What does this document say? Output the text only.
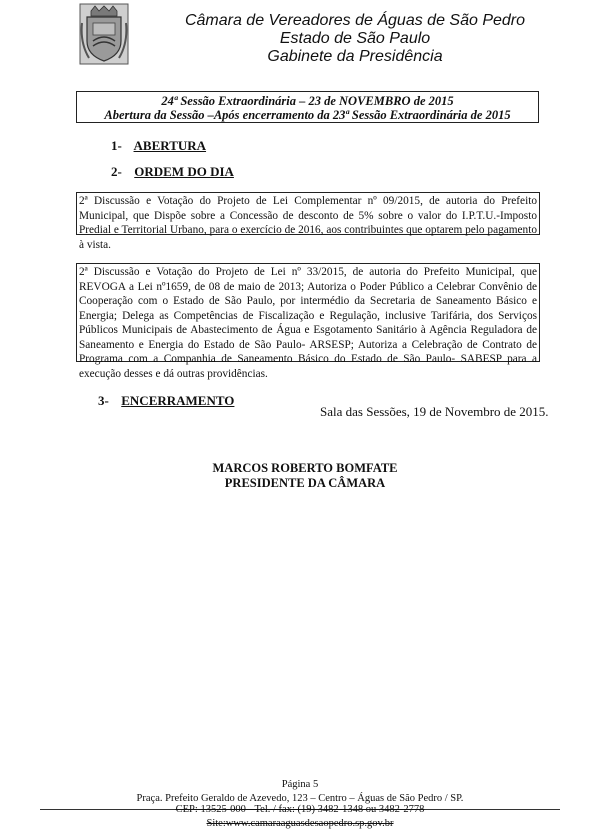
Câmara de Vereadores de Águas de São Pedro
Estado de São Paulo
Gabinete da Presidência
24ª Sessão Extraordinária – 23 de NOVEMBRO de 2015
Abertura da Sessão –Após encerramento da 23ª Sessão Extraordinária de 2015
1- ABERTURA
2- ORDEM DO DIA
2ª Discussão e Votação do Projeto de Lei Complementar nº 09/2015, de autoria do Prefeito Municipal, que Dispõe sobre a Concessão de desconto de 5% sobre o valor do I.P.T.U.-Imposto Predial e Territorial Urbano, para o exercício de 2016, aos contribuintes que optarem pelo pagamento à vista.
2ª Discussão e Votação do Projeto de Lei nº 33/2015, de autoria do Prefeito Municipal, que REVOGA a Lei nº1659, de 08 de maio de 2013; Autoriza o Poder Público a Celebrar Convênio de Cooperação com o Estado de São Paulo, por intermédio da Secretaria de Saneamento Básico e Energia; Delega as Competências de Fiscalização e Regulação, inclusive Tarifária, dos Serviços Públicos Municipais de Abastecimento de Água e Esgotamento Sanitário à Agência Reguladora de Saneamento e Energia do Estado de São Paulo- ARSESP; Autoriza a Celebração de Contrato de Programa com a Companhia de Saneamento Básico do Estado de São Paulo- SABESP para a execução desses e dá outras providências.
3- ENCERRAMENTO
Sala das Sessões, 19 de Novembro de 2015.
MARCOS ROBERTO BOMFATE
PRESIDENTE DA CÂMARA
Página 5
Praça. Prefeito Geraldo de Azevedo, 123 – Centro – Águas de São Pedro / SP.
CEP: 13525-000 - Tel. / fax: (19) 3482-1348 ou 3482-2778
Site:www.camaraaguasdesaopedro.sp.gov.br
